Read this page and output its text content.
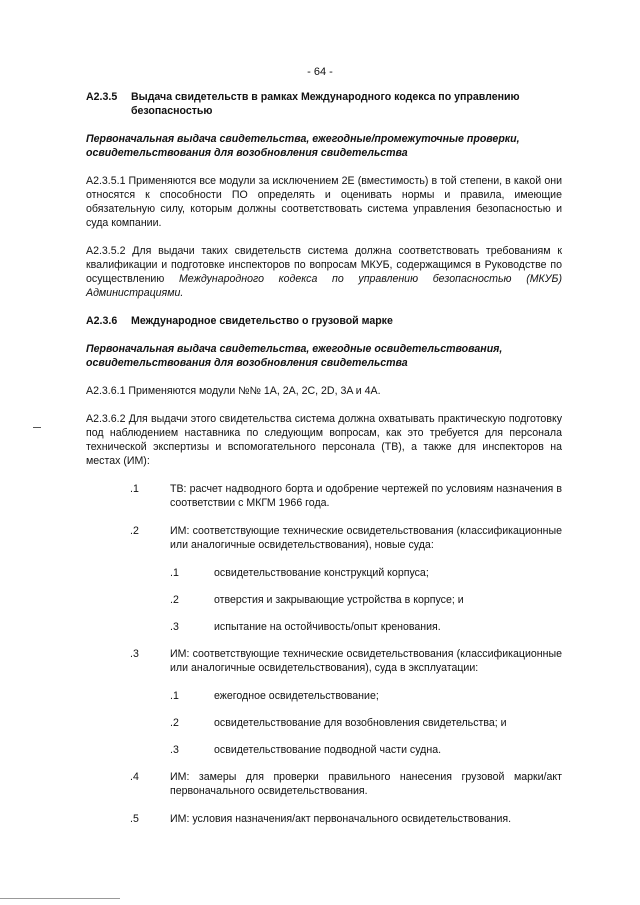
- 64 -
A2.3.5 Выдача свидетельств в рамках Международного кодекса по управлению безопасностью
Первоначальная выдача свидетельства, ежегодные/промежуточные проверки, освидетельствования для возобновления свидетельства
A2.3.5.1 Применяются все модули за исключением 2E (вместимость) в той степени, в какой они относятся к способности ПО определять и оценивать нормы и правила, имеющие обязательную силу, которым должны соответствовать система управления безопасностью и суда компании.
A2.3.5.2 Для выдачи таких свидетельств система должна соответствовать требованиям к квалификации и подготовке инспекторов по вопросам МКУБ, содержащимся в Руководстве по осуществлению Международного кодекса по управлению безопасностью (МКУБ) Администрациями.
A2.3.6 Международное свидетельство о грузовой марке
Первоначальная выдача свидетельства, ежегодные освидетельствования, освидетельствования для возобновления свидетельства
A2.3.6.1 Применяются модули №№ 1A, 2A, 2C, 2D, 3A и 4A.
A2.3.6.2 Для выдачи этого свидетельства система должна охватывать практическую подготовку под наблюдением наставника по следующим вопросам, как это требуется для персонала технической экспертизы и вспомогательного персонала (ТВ), а также для инспекторов на местах (ИМ):
.1	ТВ: расчет надводного борта и одобрение чертежей по условиям назначения в соответствии с МКГМ 1966 года.
.2	ИМ: соответствующие технические освидетельствования (классификационные или аналогичные освидетельствования), новые суда:
.1	освидетельствование конструкций корпуса;
.2	отверстия и закрывающие устройства в корпусе; и
.3	испытание на остойчивость/опыт кренования.
.3	ИМ: соответствующие технические освидетельствования (классификационные или аналогичные освидетельствования), суда в эксплуатации:
.1	ежегодное освидетельствование;
.2	освидетельствование для возобновления свидетельства; и
.3	освидетельствование подводной части судна.
.4	ИМ: замеры для проверки правильного нанесения грузовой марки/акт первоначального освидетельствования.
.5	ИМ: условия назначения/акт первоначального освидетельствования.
